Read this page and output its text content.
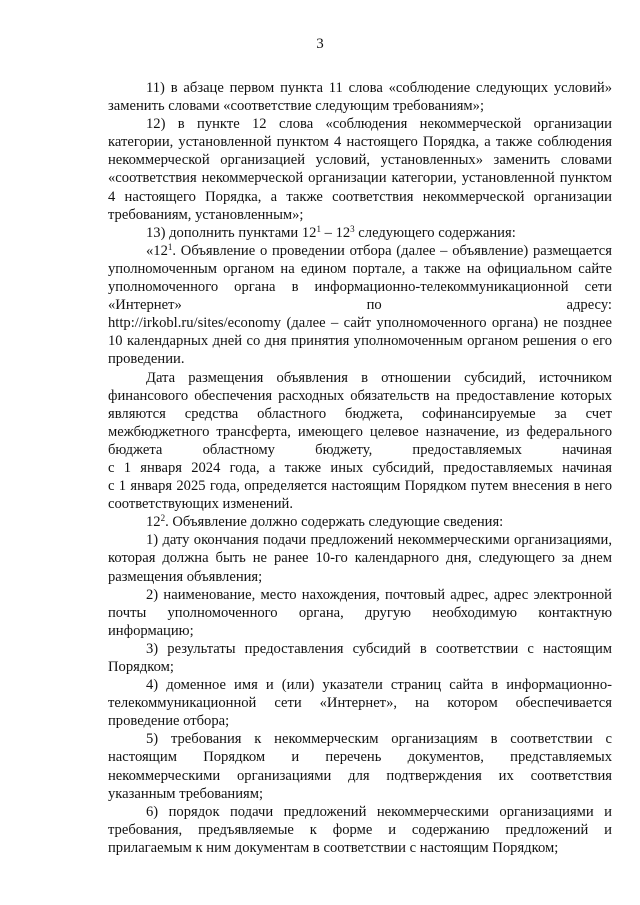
3

11) в абзаце первом пункта 11 слова «соблюдение следующих условий» заменить словами «соответствие следующим требованиям»;

12) в пункте 12 слова «соблюдения некоммерческой организации категории, установленной пунктом 4 настоящего Порядка, а также соблюдения некоммерческой организацией условий, установленных» заменить словами «соответствия некоммерческой организации категории, установленной пунктом 4 настоящего Порядка, а также соответствия некоммерческой организации требованиям, установленным»;

13) дополнить пунктами $12^1 - 12^3$ следующего содержания:

«$12^1$. Объявление о проведении отбора (далее – объявление) размещается уполномоченным органом на едином портале, а также на официальном сайте уполномоченного органа в информационно-телекоммуникационной сети «Интернет» по адресу:

http://irkobl.ru/sites/economy (далее – сайт уполномоченного органа) не позднее 10 календарных дней со дня принятия уполномоченным органом решения о его проведении.

Дата размещения объявления в отношении субсидий, источником финансового обеспечения расходных обязательств на предоставление которых являются средства областного бюджета, софинансируемые за счет межбюджетного трансферта, имеющего целевое назначение, из федерального бюджета областному бюджету, предоставляемых начиная

с 1 января 2024 года, а также иных субсидий, предоставляемых начиная

с 1 января 2025 года, определяется настоящим Порядком путем внесения в него соответствующих изменений.

$12^2$. Объявление должно содержать следующие сведения:

1) дату окончания подачи предложений некоммерческими организациями, которая должна быть не ранее 10-го календарного дня, следующего за днем размещения объявления;

2) наименование, место нахождения, почтовый адрес, адрес электронной почты уполномоченного органа, другую необходимую контактную информацию;

3) результаты предоставления субсидий в соответствии с настоящим Порядком;

4) доменное имя и (или) указатели страниц сайта в информационно-телекоммуникационной сети «Интернет», на котором обеспечивается проведение отбора;

5) требования к некоммерческим организациям в соответствии с настоящим Порядком и перечень документов, представляемых некоммерческими организациями для подтверждения их соответствия указанным требованиям;

6) порядок подачи предложений некоммерческими организациями и требования, предъявляемые к форме и содержанию предложений и прилагаемым к ним документам в соответствии с настоящим Порядком;
